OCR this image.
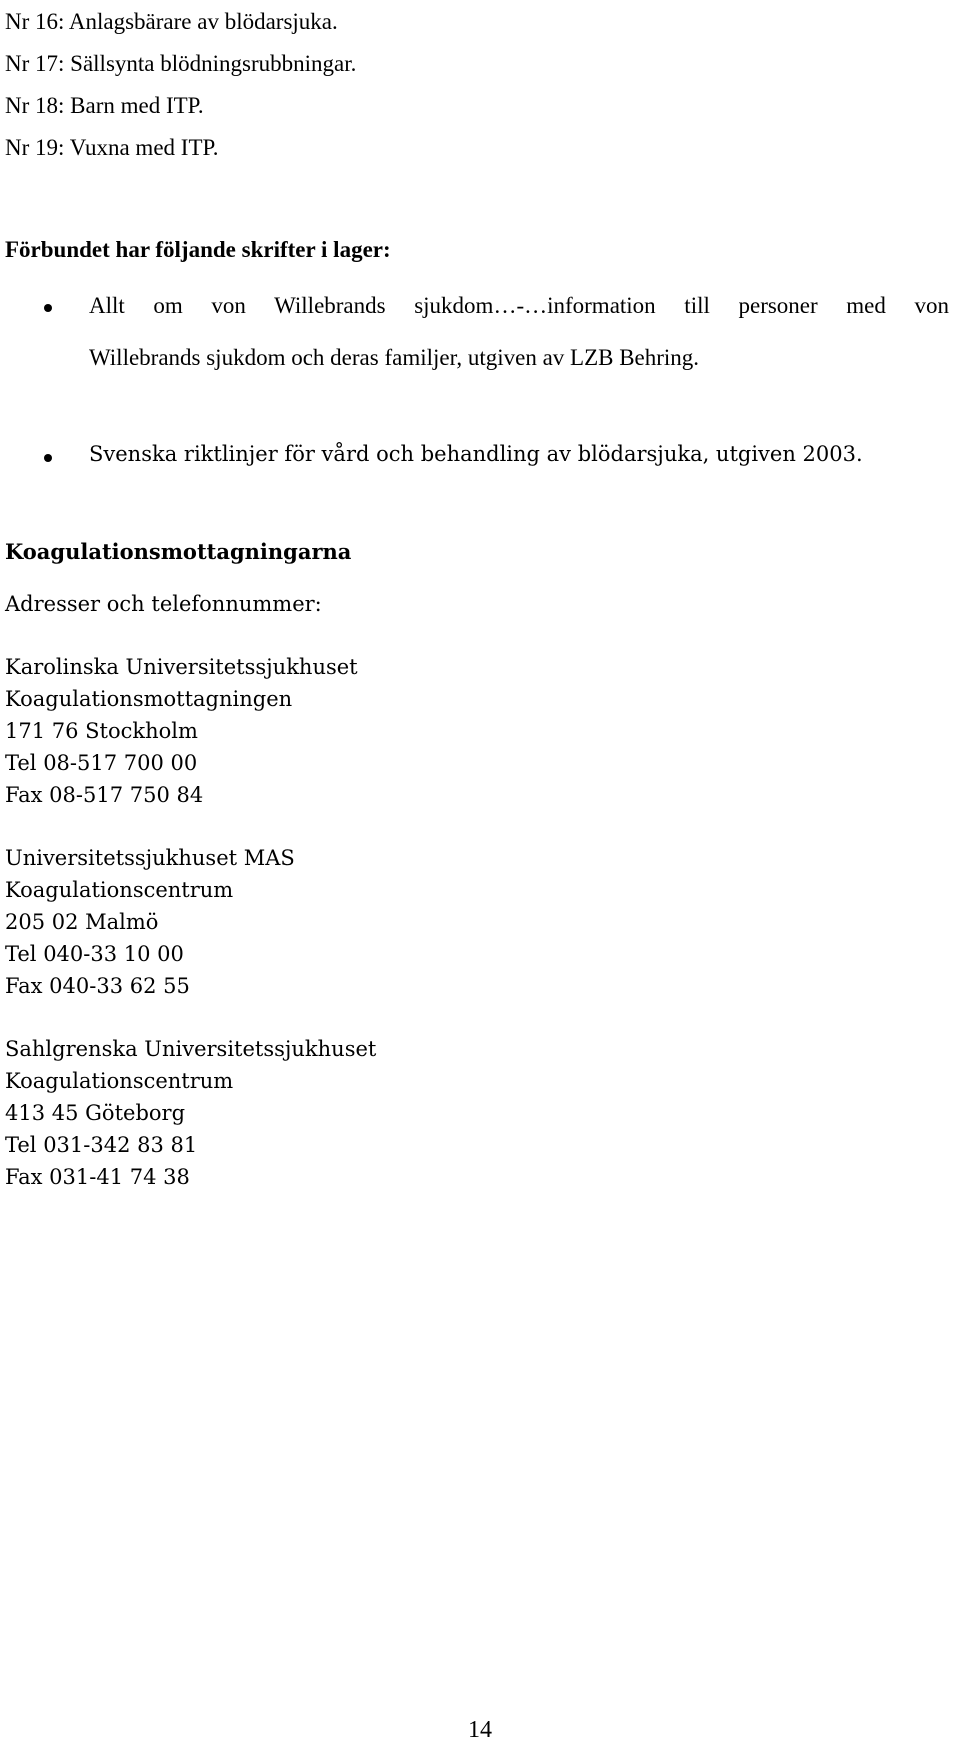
Nr 16: Anlagsbärare av blödarsjuka.
Nr 17: Sällsynta blödningsrubbningar.
Nr 18: Barn med ITP.
Nr 19: Vuxna med ITP.
Förbundet har följande skrifter i lager:
Allt om von Willebrands sjukdom…-…information till personer med von
Willebrands sjukdom och deras familjer, utgiven av LZB Behring.
Svenska riktlinjer för vård och behandling av blödarsjuka, utgiven 2003.
Koagulationsmottagningarna
Adresser och telefonnummer:
Karolinska Universitetssjukhuset
Koagulationsmottagningen
171 76 Stockholm
Tel 08-517 700 00
Fax 08-517 750 84
Universitetssjukhuset MAS
Koagulationscentrum
205 02 Malmö
Tel 040-33 10 00
Fax 040-33 62 55
Sahlgrenska Universitetssjukhuset
Koagulationscentrum
413 45 Göteborg
Tel 031-342 83 81
Fax 031-41 74 38
14
